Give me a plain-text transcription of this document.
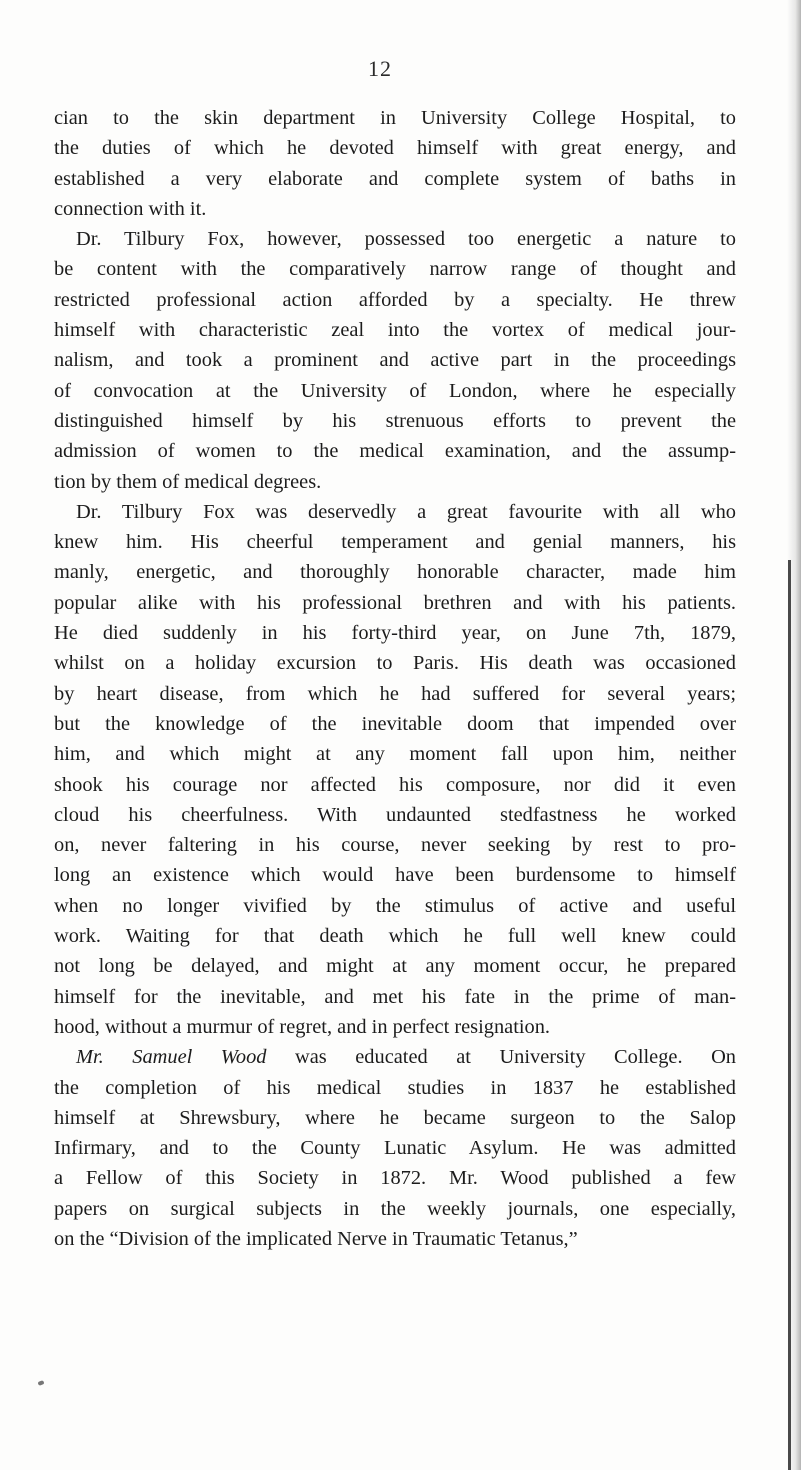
12
cian to the skin department in University College Hospital, to
the duties of which he devoted himself with great energy, and
established a very elaborate and complete system of baths in
connection with it.
Dr. Tilbury Fox, however, possessed too energetic a nature to
be content with the comparatively narrow range of thought and
restricted professional action afforded by a specialty. He threw
himself with characteristic zeal into the vortex of medical jour-
nalism, and took a prominent and active part in the proceedings
of convocation at the University of London, where he especially
distinguished himself by his strenuous efforts to prevent the
admission of women to the medical examination, and the assump-
tion by them of medical degrees.
Dr. Tilbury Fox was deservedly a great favourite with all who
knew him. His cheerful temperament and genial manners, his
manly, energetic, and thoroughly honorable character, made him
popular alike with his professional brethren and with his patients.
He died suddenly in his forty-third year, on June 7th, 1879,
whilst on a holiday excursion to Paris. His death was occasioned
by heart disease, from which he had suffered for several years;
but the knowledge of the inevitable doom that impended over
him, and which might at any moment fall upon him, neither
shook his courage nor affected his composure, nor did it even
cloud his cheerfulness. With undaunted stedfastness he worked
on, never faltering in his course, never seeking by rest to pro-
long an existence which would have been burdensome to himself
when no longer vivified by the stimulus of active and useful
work. Waiting for that death which he full well knew could
not long be delayed, and might at any moment occur, he prepared
himself for the inevitable, and met his fate in the prime of man-
hood, without a murmur of regret, and in perfect resignation.
Mr. Samuel Wood was educated at University College. On
the completion of his medical studies in 1837 he established
himself at Shrewsbury, where he became surgeon to the Salop
Infirmary, and to the County Lunatic Asylum. He was admitted
a Fellow of this Society in 1872. Mr. Wood published a few
papers on surgical subjects in the weekly journals, one especially,
on the “Division of the implicated Nerve in Traumatic Tetanus,”
